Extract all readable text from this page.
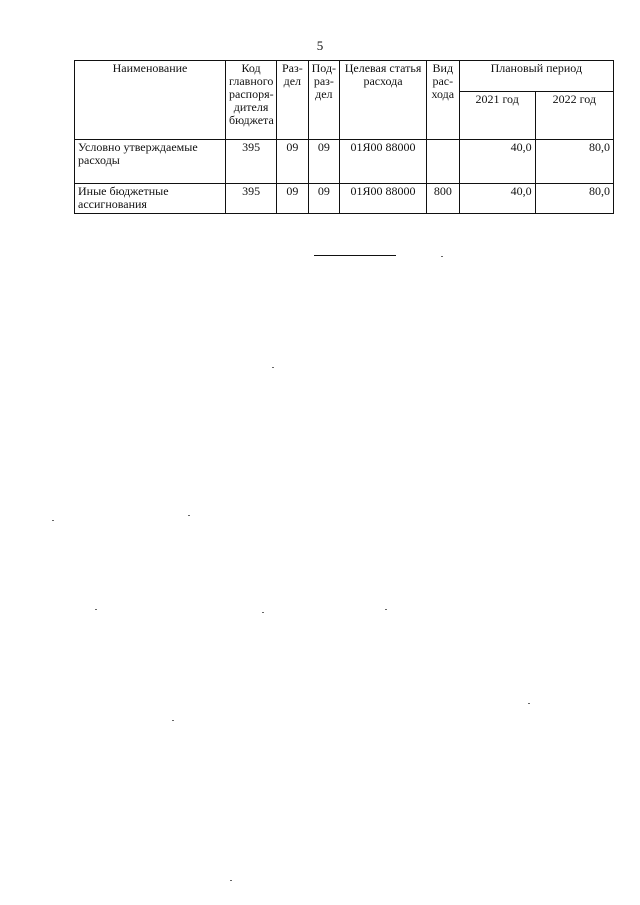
5
Наименование	Код главного распоря-дителя бюджета	Раз-дел	Под-раз-дел	Целевая статья расхода	Вид рас-хода	Плановый период	
						2021 год	2022 год
Условно утверждаемые расходы	395	09	09	01Я00 88000		40,0	80,0
Иные бюджетные ассигнования	395	09	09	01Я00 88000	800	40,0	80,0
